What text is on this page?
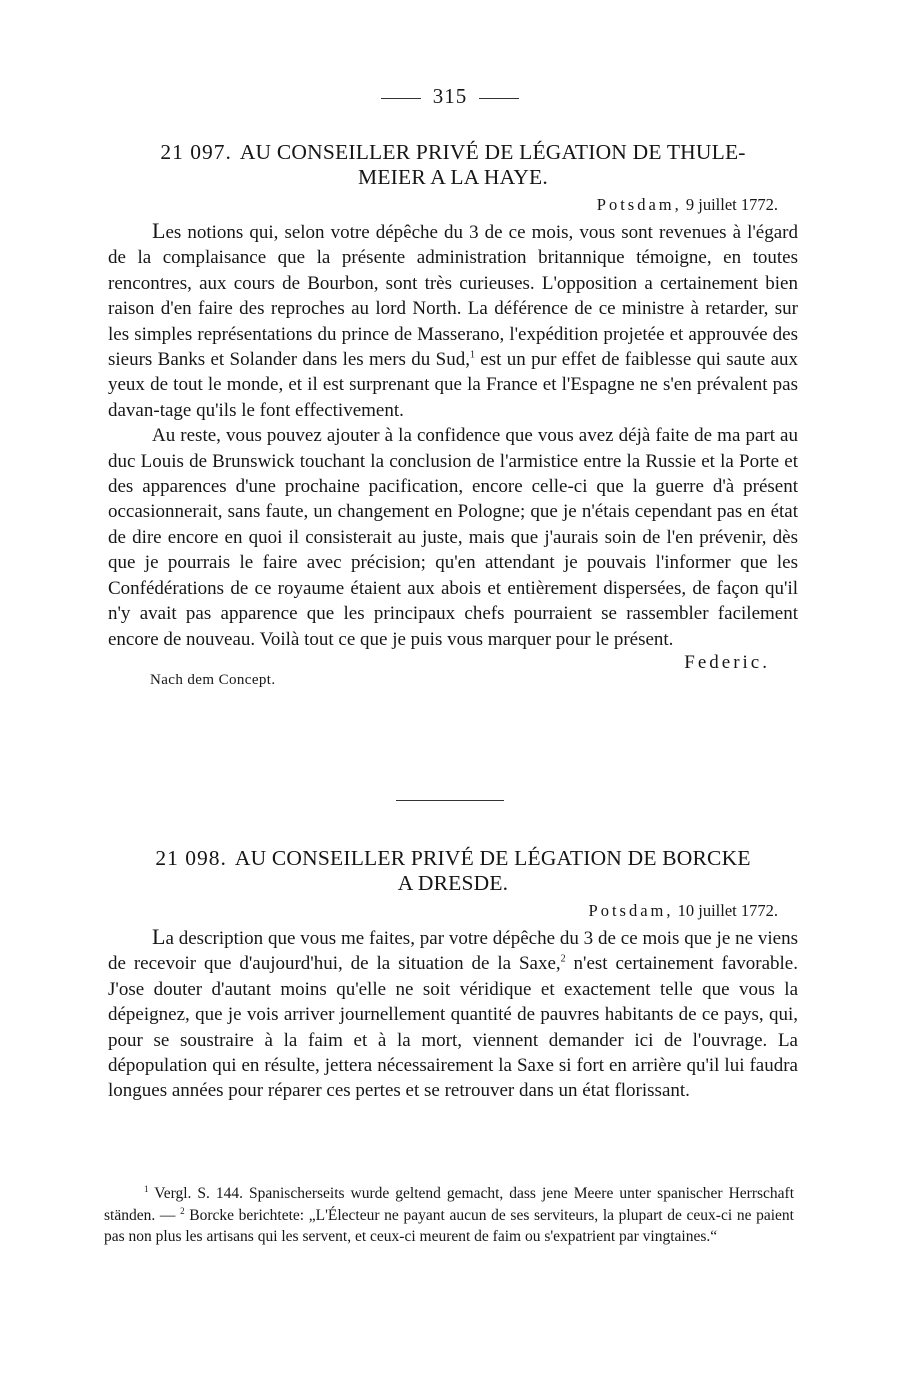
315
21 097. AU CONSEILLER PRIVÉ DE LÉGATION DE THULE-
MEIER A LA HAYE.
Potsdam, 9 juillet 1772.

Les notions qui, selon votre dépêche du 3 de ce mois, vous sont revenues à l'égard de la complaisance que la présente administration britannique témoigne, en toutes rencontres, aux cours de Bourbon, sont très curieuses. L'opposition a certainement bien raison d'en faire des reproches au lord North. La déférence de ce ministre à retarder, sur les simples représentations du prince de Masserano, l'expédition projetée et approuvée des sieurs Banks et Solander dans les mers du Sud,$^1$ est un pur effet de faiblesse qui saute aux yeux de tout le monde, et il est surprenant que la France et l'Espagne ne s'en prévalent pas davan-tage qu'ils le font effectivement.

Au reste, vous pouvez ajouter à la confidence que vous avez déjà faite de ma part au duc Louis de Brunswick touchant la conclusion de l'armistice entre la Russie et la Porte et des apparences d'une prochaine pacification, encore celle-ci que la guerre d'à présent occasionnerait, sans faute, un changement en Pologne; que je n'étais cependant pas en état de dire encore en quoi il consisterait au juste, mais que j'aurais soin de l'en prévenir, dès que je pourrais le faire avec précision; qu'en attendant je pouvais l'informer que les Confédérations de ce royaume étaient aux abois et entièrement dispersées, de façon qu'il n'y avait pas apparence que les principaux chefs pourraient se rassembler facilement encore de nouveau. Voilà tout ce que je puis vous marquer pour le présent.

Federic.
Nach dem Concept.
21 098. AU CONSEILLER PRIVÉ DE LÉGATION DE BORCKE
A DRESDE.
Potsdam, 10 juillet 1772.

La description que vous me faites, par votre dépêche du 3 de ce mois que je ne viens de recevoir que d'aujourd'hui, de la situation de la Saxe,$^2$ n'est certainement favorable. J'ose douter d'autant moins qu'elle ne soit véridique et exactement telle que vous la dépeignez, que je vois arriver journellement quantité de pauvres habitants de ce pays, qui, pour se soustraire à la faim et à la mort, viennent demander ici de l'ouvrage. La dépopulation qui en résulte, jettera nécessairement la Saxe si fort en arrière qu'il lui faudra longues années pour réparer ces pertes et se retrouver dans un état florissant.

$^1$ Vergl. S. 144. Spanischerseits wurde geltend gemacht, dass jene Meere unter spanischer Herrschaft ständen. — $^2$ Borcke berichtete: „L'Électeur ne payant aucun de ses serviteurs, la plupart de ceux-ci ne paient pas non plus les artisans qui les servent, et ceux-ci meurent de faim ou s'expatrient par vingtaines.“
